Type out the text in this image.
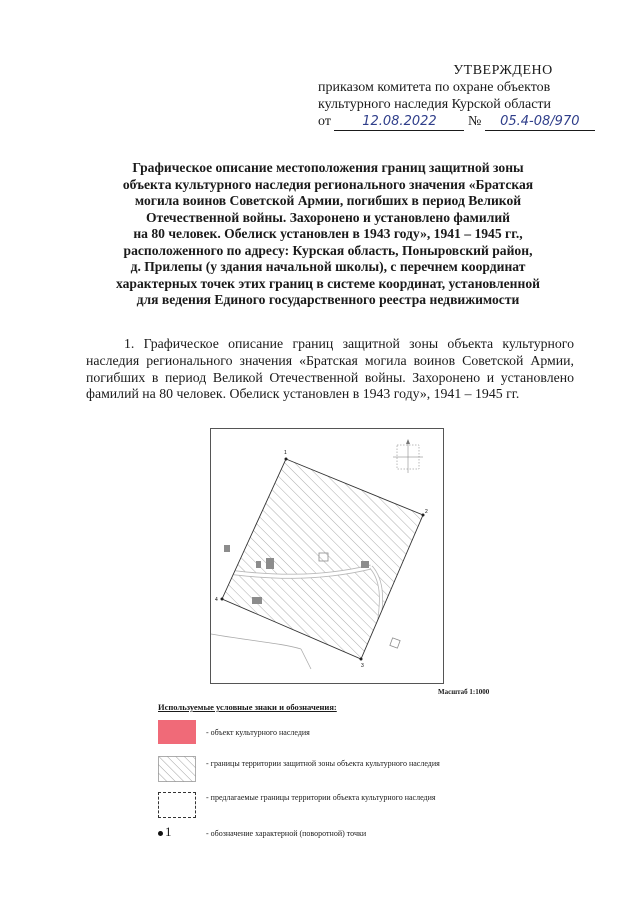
УТВЕРЖДЕНО
приказом комитета по охране объектов
культурного наследия Курской области
от 12.08.2022 № 05.4-08/970
Графическое описание местоположения границ защитной зоны
объекта культурного наследия регионального значения «Братская
могила воинов Советской Армии, погибших в период Великой
Отечественной войны. Захоронено и установлено фамилий
на 80 человек. Обелиск установлен в 1943 году», 1941 – 1945 гг.,
расположенного по адресу: Курская область, Поныровский район,
д. Прилепы (у здания начальной школы), с перечнем координат
характерных точек этих границ в системе координат, установленной
для ведения Единого государственного реестра недвижимости
1. Графическое описание границ защитной зоны объекта культурного наследия регионального значения «Братская могила воинов Советской Армии, погибших в период Великой Отечественной войны. Захоронено и установлено фамилий на 80 человек. Обелиск установлен в 1943 году», 1941 – 1945 гг.
1
2
3
4
Масштаб 1:1000
Используемые условные знаки и обозначения:
- объект культурного наследия
- границы территории защитной зоны объекта культурного наследия
- предлагаемые границы территории объекта культурного наследия
1	- обозначение характерной (поворотной) точки
